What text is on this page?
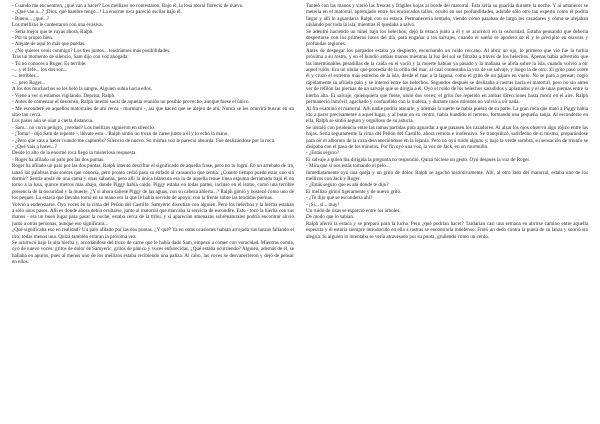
- Cuando me encuentren, ¿qué van a hacer? Los mellizos no contestaron. Bajo él, la losa moral floreció de nuevo.

- ¿Qué van a...? ¡Dios, qué hambre tengo...! La enorme roca pareció oscilar bajo él.

- Bueno... ¿qué...?

Los mellizos le contestaron con una evasiva.

- Sería mejor que te vayas ahora, Ralph.

- Por tu propio bien.

- Alejate de aquí lo más que puedas.

- ¿No quieres venir conmigo? Los tres juntos... tendríamos más posibilidades.

Tras un momento de silencio, Sam dijo con voz ahogada:

- Tú no conoces a Roger. Es terrible.

-... y el Jefe... los dos son...

-... terribles...

-... pero Roger...

A los dos muchachos se les heló la sangre. Alguien subía hacia ellos.

- Viene a ver si estamos vigilando. Deprisa, Ralph.

- Antes de comenzar el descenso, Ralph intentó sacar de aquella reunión un posible provecho, aunque fuese el único.

- Me esconderé en aquellos matorrales de ahí cerca - murmuró -, así que haced que se alejen de ahí. Nunca se les ocurrirá buscar en un sitio tan cerca.

Los pasos aún se oían a cierta distancia.

- Sam... no corro peligro, ¿verdad? Los mellizos siguieron en silencio.

- ¡Toma! - dijo Sam de repente -, llévate esto... Ralph sintió un trozo de carne junto a él y lo echó la mano.

- ¿Pero qué vais a hacer cuando me capturéis? Silencio de nuevo. Su misma voz le pareció absurda. Fue deslizándose por la roca.

- ¿Qué vais a hacer...?

Desde lo alto de la enorme roca llegó la misteriosa respuesta.

- Roger ha afilado un palo por las dos puntas.

Roger ha afilado un palo por las dos puntas. Ralph intentó descifrar el significado de aquella frase, pero no lo logró. En un arrebato de ira, lanzó las palabras más soeces que conocía, pero pronto cedió paso su enfado al cansancio que sentía. ¿Cuánto tiempo puede estar uno sin dormir? Sentía ansia de una cama y unas sábanas, pero allí la única blancura era la de aquella tenue línea espuma derramada bajó él en torno a la losa, quince metros más abajo, donde Piggy había caído. Piggy estaba en todas partes, incluso en el istmo, como una terrible presencia de la oscuridad y la muerte. ¿Y si ahora saliese Piggy de las aguas, con su cabeza abierta...? Ralph gimió y bostezó como uno de los peques. La estaca que llevaba tomó en su mano era la que le había servido de apoyo; con la frente sobre las tendidas piernas.

Volvió a enderezarse. Oyó voces en la cima del Peñón del Castillo. Samyeric discutían con alguien. Pero los helechos y la hierba estaban a sólo unos pasos. Allí es donde ahora debía ocultarse, junto al matorral que marcaba la servicia de escondite. Esto - tocó la hierba con sus manos - era un buen lugar para pasar la noche, estaba cerca de la tribu, y si aparecían amenazas sobrenaturales podría encontrar alivio junto a otras personas, aunque eso significara...

¿Qué significaba eso en realidad? Un palo afilado por las dos puntas. ¿Y qué? Ya en otras ocasiones habían arrojado sus lanzas fallando el tiro; todas menos una. Quizá también erraran la próxima vez.

Se acurrucó bajo la alta hierba y, acordándose del trozo de carne que le había dado Sam, empezó a comer con voracidad. Mientras comía, oyó de nuevo voces: gritos de dolor de Samyeric, gritos de pánico y voces enfurecidas. ¿Qué estaba ocurriendo? Alguien, además de él, se hallaba en apuros, pues al menos uno de los mellizos estaba recibiendo una paliza. Al cabo, las voces se desvanecieron y dejó de pensar en ellos.

Tanteó con las manos y sintió las frescas y frágiles hojas al borde del matorral. Ésta sería su guarida durante la noche. Y al amanecer se metería en el matorral, apretujado entre los enroscados tallos, oculto en sus profundidades, adonde sólo otro tan experto como él podría llegar y allí le aguardaría Ralph con su estaca. Permanecería sentado, viendo cómo pasaban de largo los cazadores y cómo se alejaban ululando por toda la isla, mientras él quedaba a salvo.

Se adentró haciendo un túnel bajo los helechos; dejó la estaca junto a él y se acurrucó en la oscuridad. Estaba pensando que debería despertarse con los primeros luces del día, para engañar a los salvajes, cuando el sueño se apoderó de él y le precipitó en oscuras y profundas regiones.

Antes de despegar los párpados estaba ya despierto, escuchando un ruido cercano. Al abrir un ojo, lo primero que vio fue la turbia próxima a su rostro, y en el hundió ambas manos mientras la luz del sol se filtraba a través de los helechos. Apenas había advertido que las interminables pesadillas de la caída en el vacío y la muerte habían ya pasado y la mañana se abría sobre la isla, cuando volvió a oír aquel ruido. Era un ulular que procedía de la orilla del mar, al cual contestaba la voz de un salvaje, y luego la de otro. El grito pasó sobre él y cruzó el extremo más estrecho de la isla, desde el mar a la laguna, como el grito de un pájaro en vuelo. No se paró a pensar: cogió rápidamente su afilada palo y se internó entre los helechos. Segundos después se deslizaba a rastras hacia el matorral, pero no sin antes ver de refilón las piernas de un salvaje que se dirigía a él. Oyó el ruido de los helechos sacudidos y aplastados y el de unas piernas entre la hierba alta. El salvaje, quienquiera que fuese, ululó dos veces; el grito fue repetido en ambas direcciones hasta morir en el aire. Ralph permaneció inmóvil, agachado y confundido con la maleza, y durante unos minutos no volvió a oír nada.

Al fin examinó el matorral. Allí nadie podría atacarle, y además la suerte se había puesto de su parte. La gran roca que mató a Piggy había ido a parar precisamente a aquel lugar, y al botar en su centro, había hundido el terreno, formando una pequeña zanja. Al esconderse en ella, Ralph se sintió seguro y orgulloso de su astucia.

Se instaló con prudencia entre las ramas partidas para aguardar a que pasasen los cazadores. Al alzar los ojos observó algo rojizo entre las hojas. Sería seguramente la cima del Peñón del Castillo, ahora remoto e inofensivo. Se tranquilizó, satisfecho de sí mismo, preparándose para oír el alboroto de la caza desvaneciéndose en la lejanía. Pero no oyó ruido alguno y, bajo la verde sombra, su sensación de triunfo se disipaba con el paso de los minutos. Por fin oyó una voz, la voz de Jack, en un murmullo.

- ¿Estás seguro?

El salvaje a quien iba dirigida la pregunta no respondió. Quizá hiciese un gesto. Oyó después la voz de Roger.

- Mira que si nos estás tomando el pelo...

Inmediatamente oyó una queja y un grito de dolor. Ralph se agachó instintivamente. Allí, al otro lado del matorral, estaba uno de los mellizos con Jack y Roger.

- ¿Estás seguro que es ahí donde te dijo?

El mellizo gimió ligeramente y de nuevo gritó.

- ¿Te dijo que se escondería ahí?

- ¡Sí... sí... muy!

Un ruido de risas se esparció entre los árboles.

De modo que lo sabían.

Ralph aferró la estaca y se preparó para la lucha. Pero ¿qué podrían hacer? Tardarían casi una semana en abrirse camino entre aquella espesura y él estaría siempre introducido en ella a rastras se encontraría indefenso. Frotó un dedo contra la punta de su lanza y sonrió sin alegría. Si alguien lo intentaba se vería atravesado por su punta, gruñendo como un cerdo.
